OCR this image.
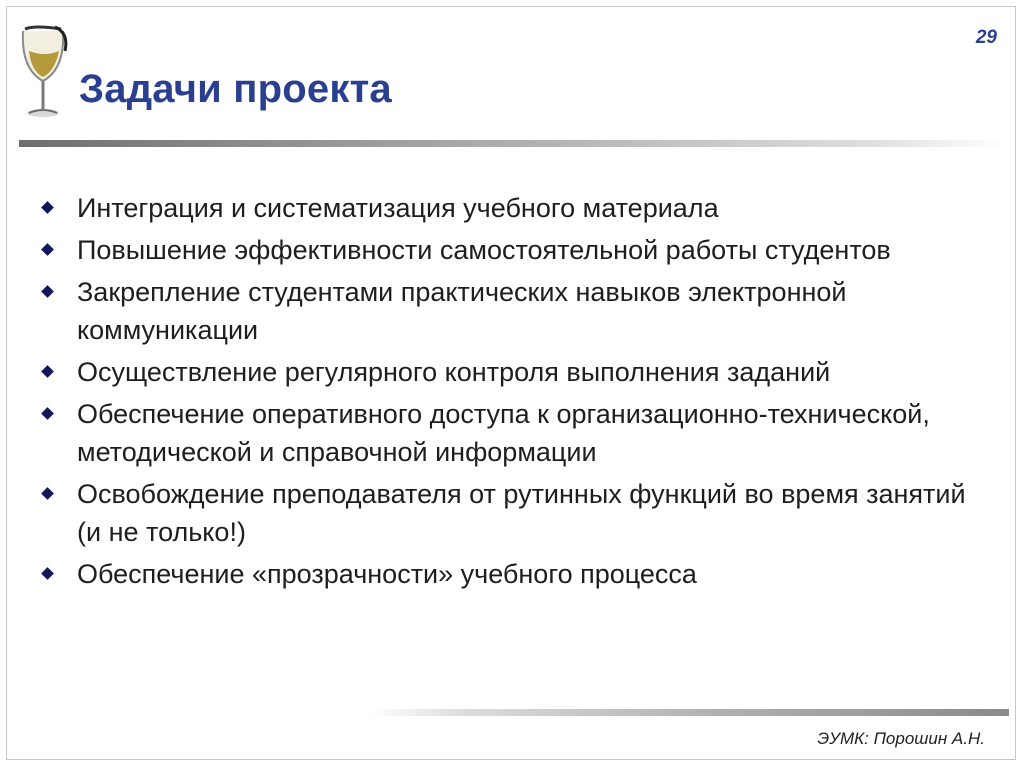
29
Задачи проекта
Интеграция и систематизация учебного материала
Повышение эффективности самостоятельной работы студентов
Закрепление студентами практических навыков электронной коммуникации
Осуществление регулярного контроля выполнения заданий
Обеспечение оперативного доступа к организационно-технической, методической и справочной информации
Освобождение преподавателя от рутинных функций во время занятий (и не только!)
Обеспечение «прозрачности» учебного процесса
ЭУМК: Порошин А.Н.
